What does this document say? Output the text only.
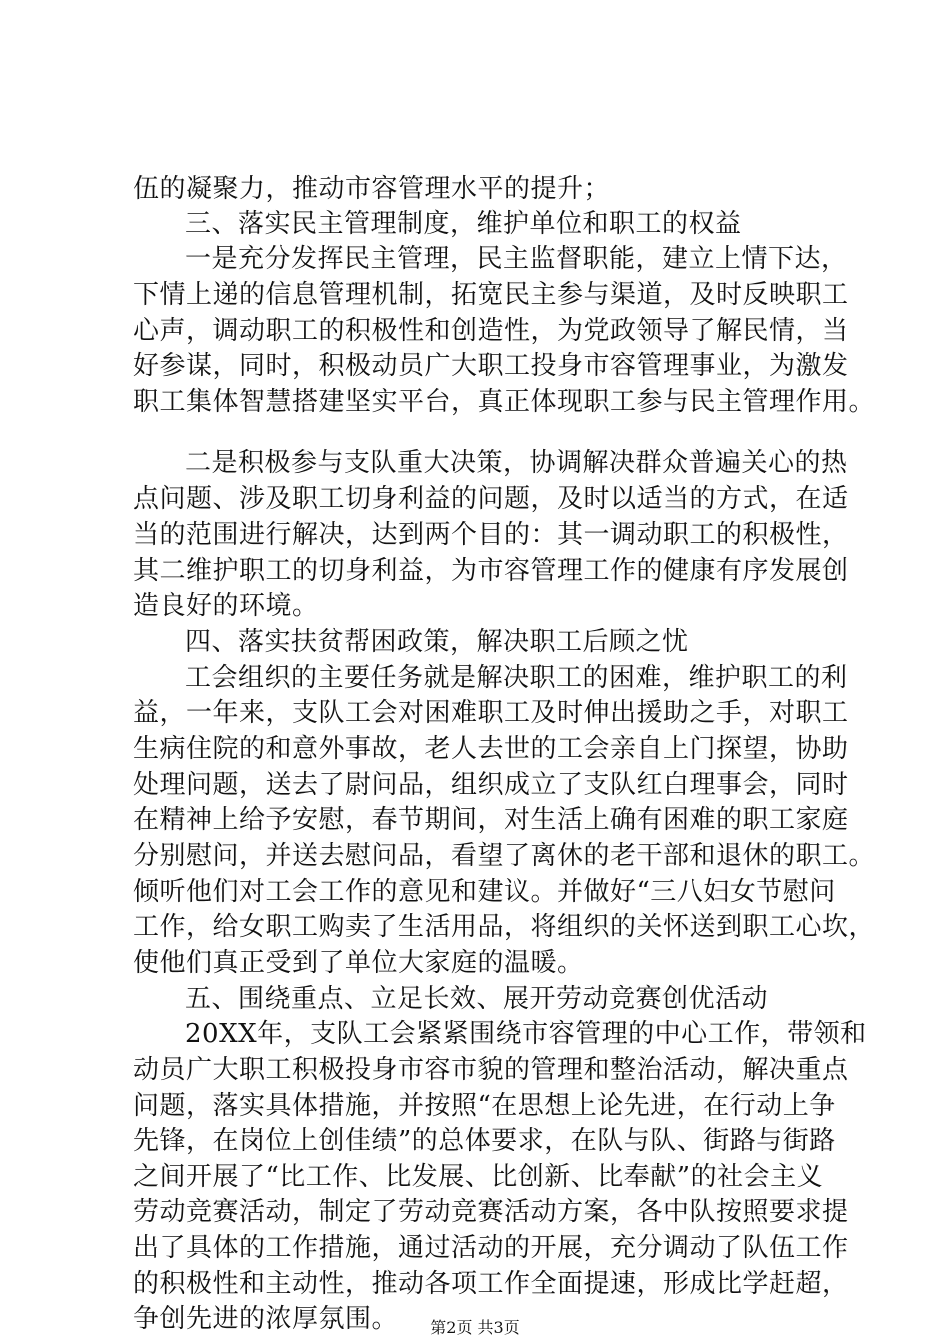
伍的凝聚力，推动市容管理水平的提升；
三、落实民主管理制度，维护单位和职工的权益
一是充分发挥民主管理，民主监督职能，建立上情下达，
下情上递的信息管理机制，拓宽民主参与渠道，及时反映职工
心声，调动职工的积极性和创造性，为党政领导了解民情，当
好参谋，同时，积极动员广大职工投身市容管理事业，为激发
职工集体智慧搭建坚实平台，真正体现职工参与民主管理作用。
二是积极参与支队重大决策，协调解决群众普遍关心的热
点问题、涉及职工切身利益的问题，及时以适当的方式，在适
当的范围进行解决，达到两个目的：其一调动职工的积极性，
其二维护职工的切身利益，为市容管理工作的健康有序发展创
造良好的环境。
四、落实扶贫帮困政策，解决职工后顾之忧
工会组织的主要任务就是解决职工的困难，维护职工的利
益，一年来，支队工会对困难职工及时伸出援助之手，对职工
生病住院的和意外事故，老人去世的工会亲自上门探望，协助
处理问题，送去了尉问品，组织成立了支队红白理事会，同时
在精神上给予安慰，春节期间，对生活上确有困难的职工家庭
分别慰问，并送去慰问品，看望了离休的老干部和退休的职工。
倾听他们对工会工作的意见和建议。并做好“三八妇女节慰问
工作，给女职工购卖了生活用品，将组织的关怀送到职工心坎，
使他们真正受到了单位大家庭的温暖。
五、围绕重点、立足长效、展开劳动竞赛创优活动
20XX年，支队工会紧紧围绕市容管理的中心工作，带领和
动员广大职工积极投身市容市貌的管理和整治活动，解决重点
问题，落实具体措施，并按照“在思想上论先进，在行动上争
先锋，在岗位上创佳绩”的总体要求，在队与队、街路与街路
之间开展了“比工作、比发展、比创新、比奉献”的社会主义
劳动竞赛活动，制定了劳动竞赛活动方案，各中队按照要求提
出了具体的工作措施，通过活动的开展，充分调动了队伍工作
的积极性和主动性，推动各项工作全面提速，形成比学赶超，
争创先进的浓厚氛围。	第2页 共3页
